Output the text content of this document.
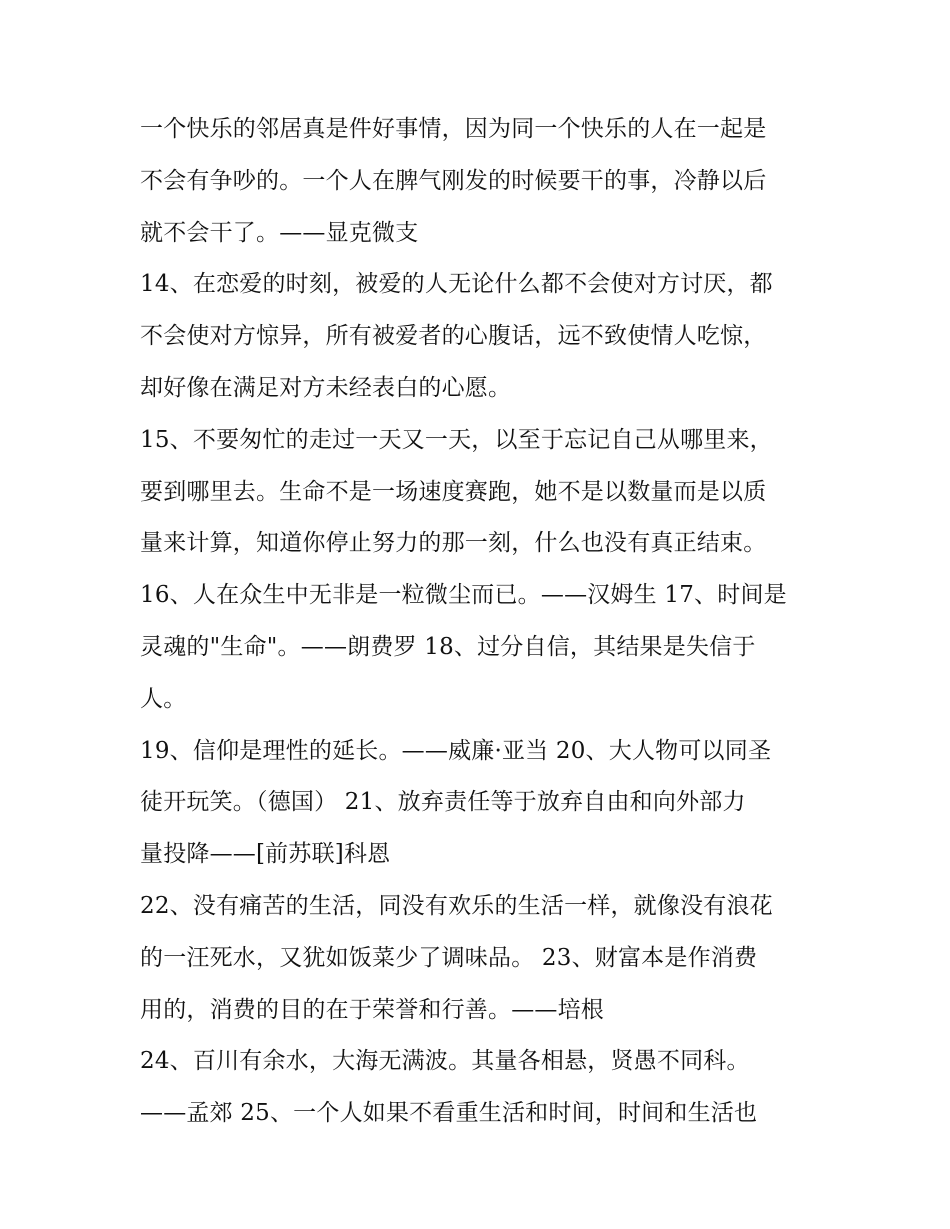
一个快乐的邻居真是件好事情，因为同一个快乐的人在一起是
不会有争吵的。一个人在脾气刚发的时候要干的事，冷静以后
就不会干了。——显克微支
14、在恋爱的时刻，被爱的人无论什么都不会使对方讨厌，都
不会使对方惊异，所有被爱者的心腹话，远不致使情人吃惊，
却好像在满足对方未经表白的心愿。
15、不要匆忙的走过一天又一天，以至于忘记自己从哪里来，
要到哪里去。生命不是一场速度赛跑，她不是以数量而是以质
量来计算，知道你停止努力的那一刻，什么也没有真正结束。
16、人在众生中无非是一粒微尘而已。——汉姆生 17、时间是
灵魂的"生命"。——朗费罗 18、过分自信，其结果是失信于
人。
19、信仰是理性的延长。——威廉·亚当 20、大人物可以同圣
徒开玩笑。（德国） 21、放弃责任等于放弃自由和向外部力
量投降——[前苏联]科恩
22、没有痛苦的生活，同没有欢乐的生活一样，就像没有浪花
的一汪死水，又犹如饭菜少了调味品。 23、财富本是作消费
用的，消费的目的在于荣誉和行善。——培根
24、百川有余水，大海无满波。其量各相悬，贤愚不同科。
——孟郊 25、一个人如果不看重生活和时间，时间和生活也
